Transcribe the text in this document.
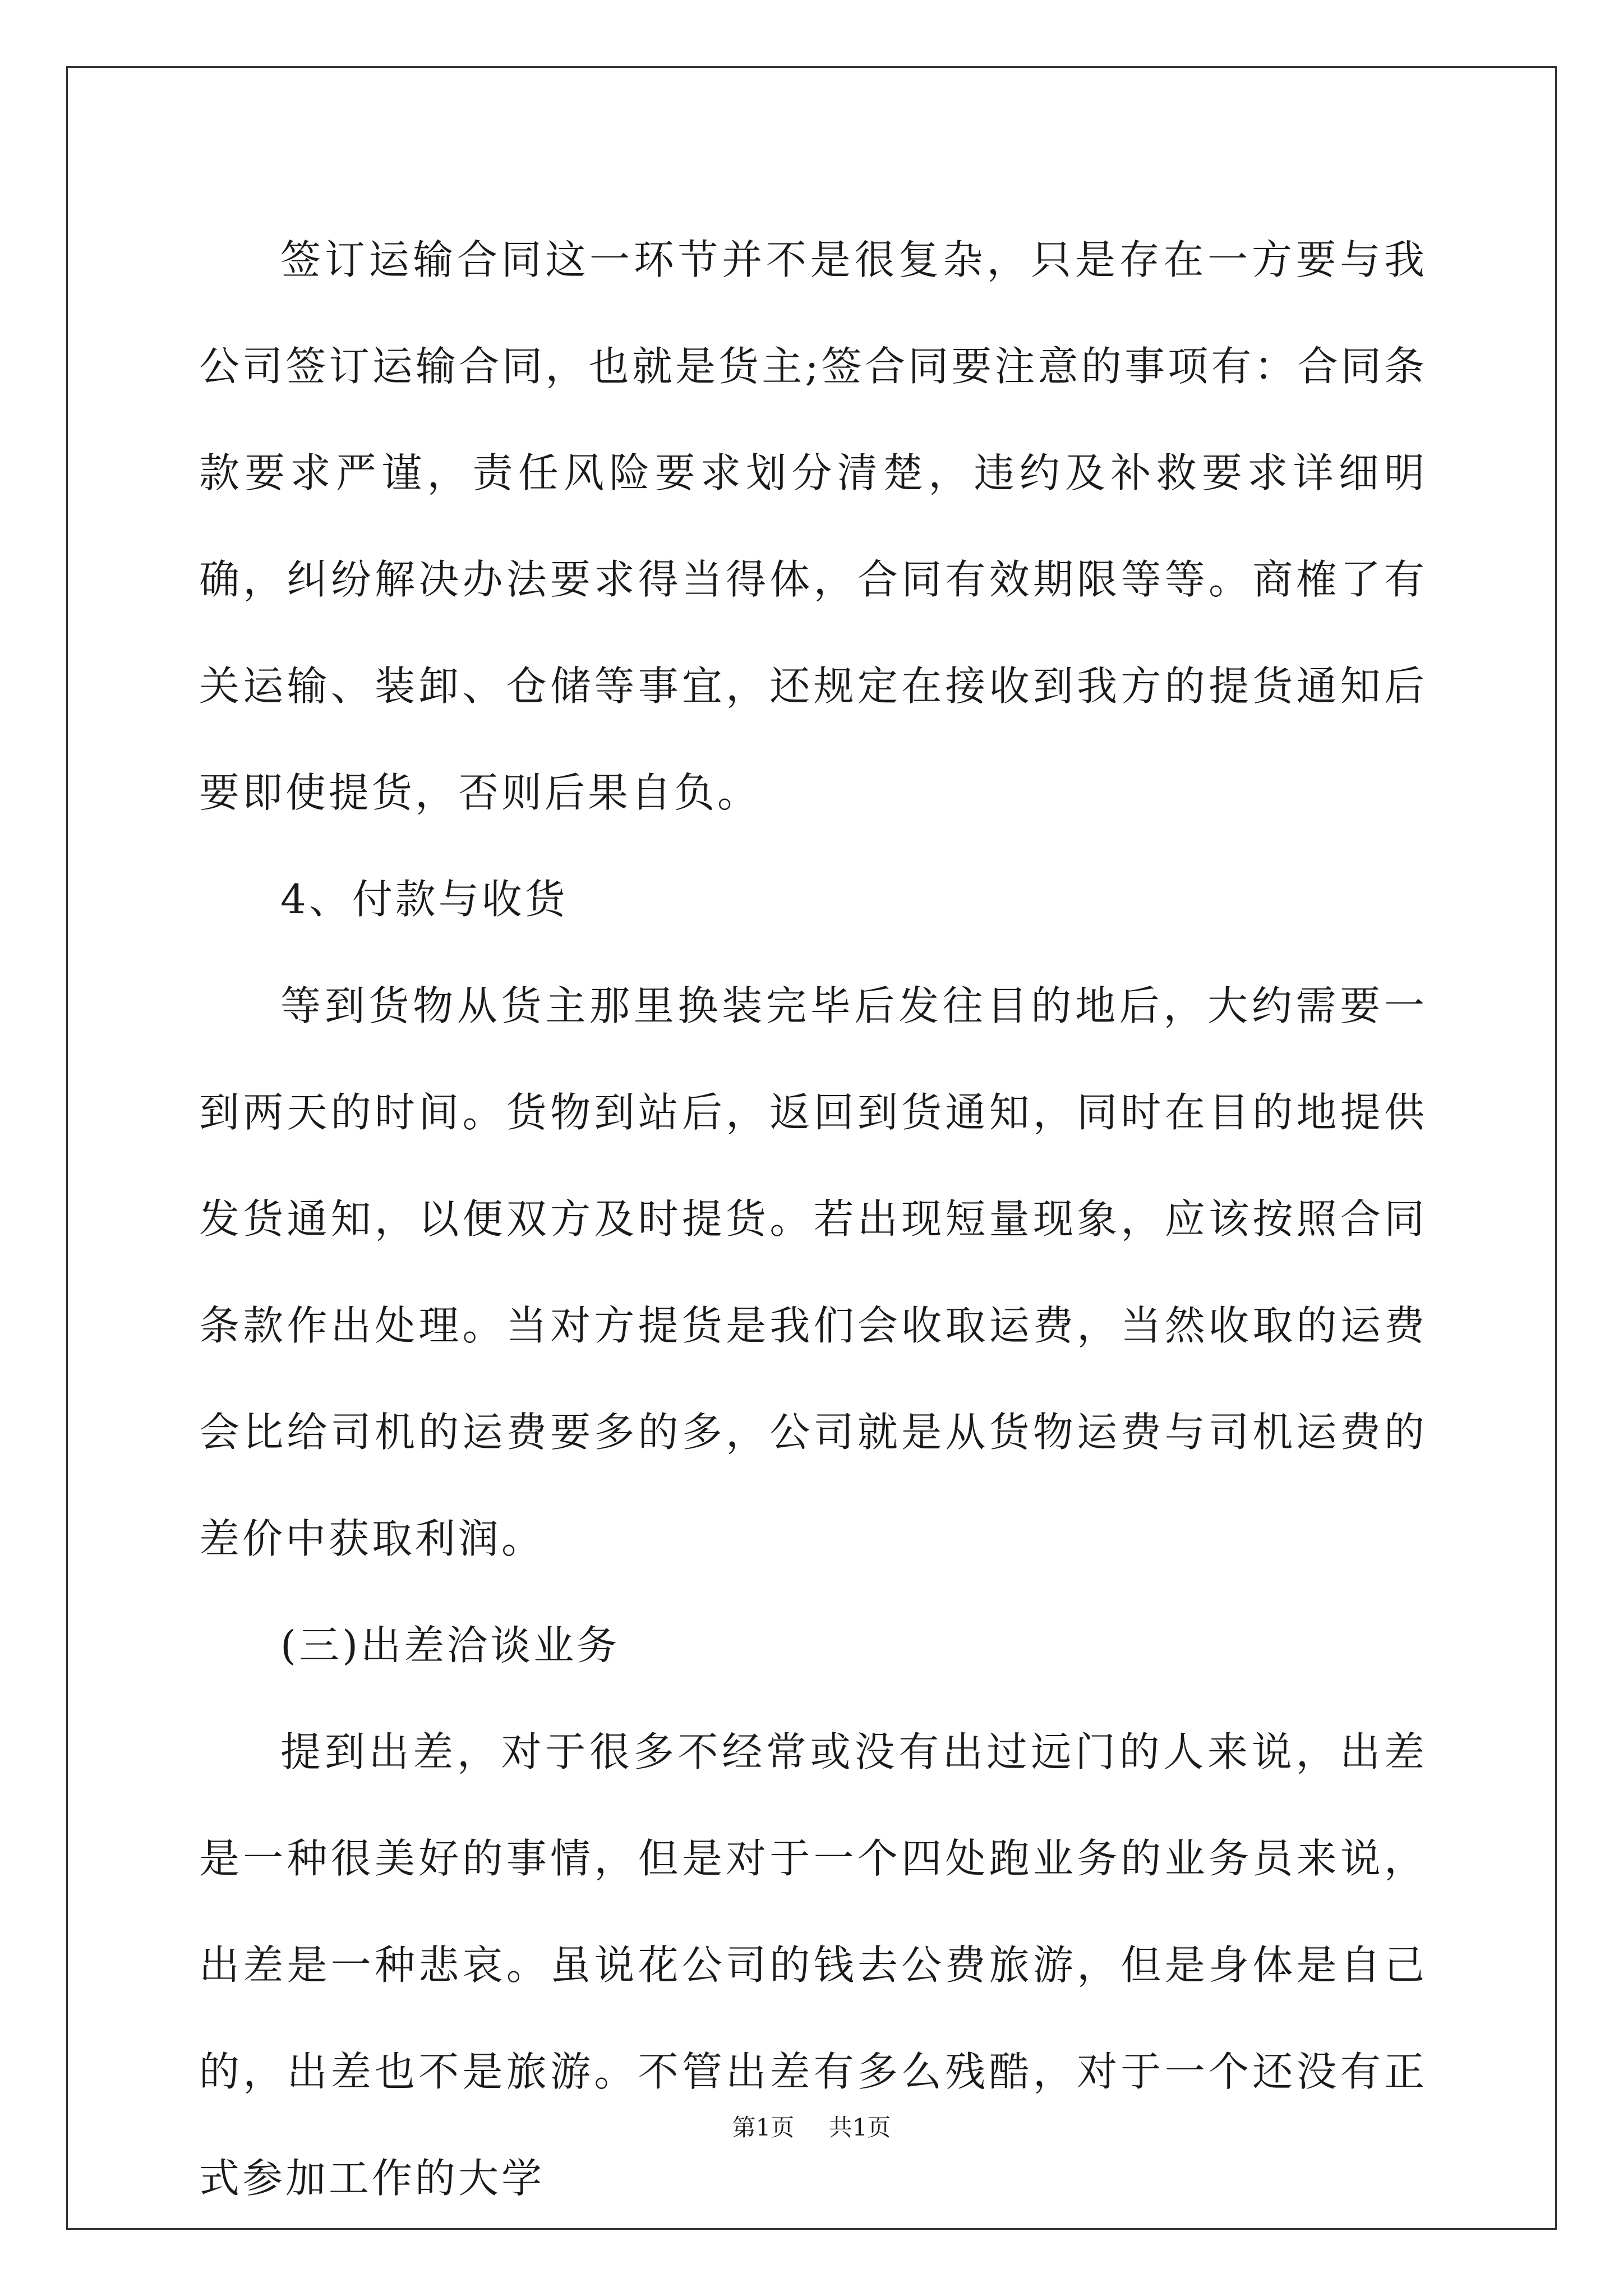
签订运输合同这一环节并不是很复杂，只是存在一方要与我公司签订运输合同，也就是货主;签合同要注意的事项有：合同条款要求严谨，责任风险要求划分清楚，违约及补救要求详细明确，纠纷解决办法要求得当得体，合同有效期限等等。商榷了有关运输、装卸、仓储等事宜，还规定在接收到我方的提货通知后要即使提货，否则后果自负。

4、付款与收货

等到货物从货主那里换装完毕后发往目的地后，大约需要一到两天的时间。货物到站后，返回到货通知，同时在目的地提供发货通知，以便双方及时提货。若出现短量现象，应该按照合同条款作出处理。当对方提货是我们会收取运费，当然收取的运费会比给司机的运费要多的多，公司就是从货物运费与司机运费的差价中获取利润。

(三)出差洽谈业务

提到出差，对于很多不经常或没有出过远门的人来说，出差是一种很美好的事情，但是对于一个四处跑业务的业务员来说，出差是一种悲哀。虽说花公司的钱去公费旅游，但是身体是自己的，出差也不是旅游。不管出差有多么残酷，对于一个还没有正式参加工作的大学

第1页 共1页
